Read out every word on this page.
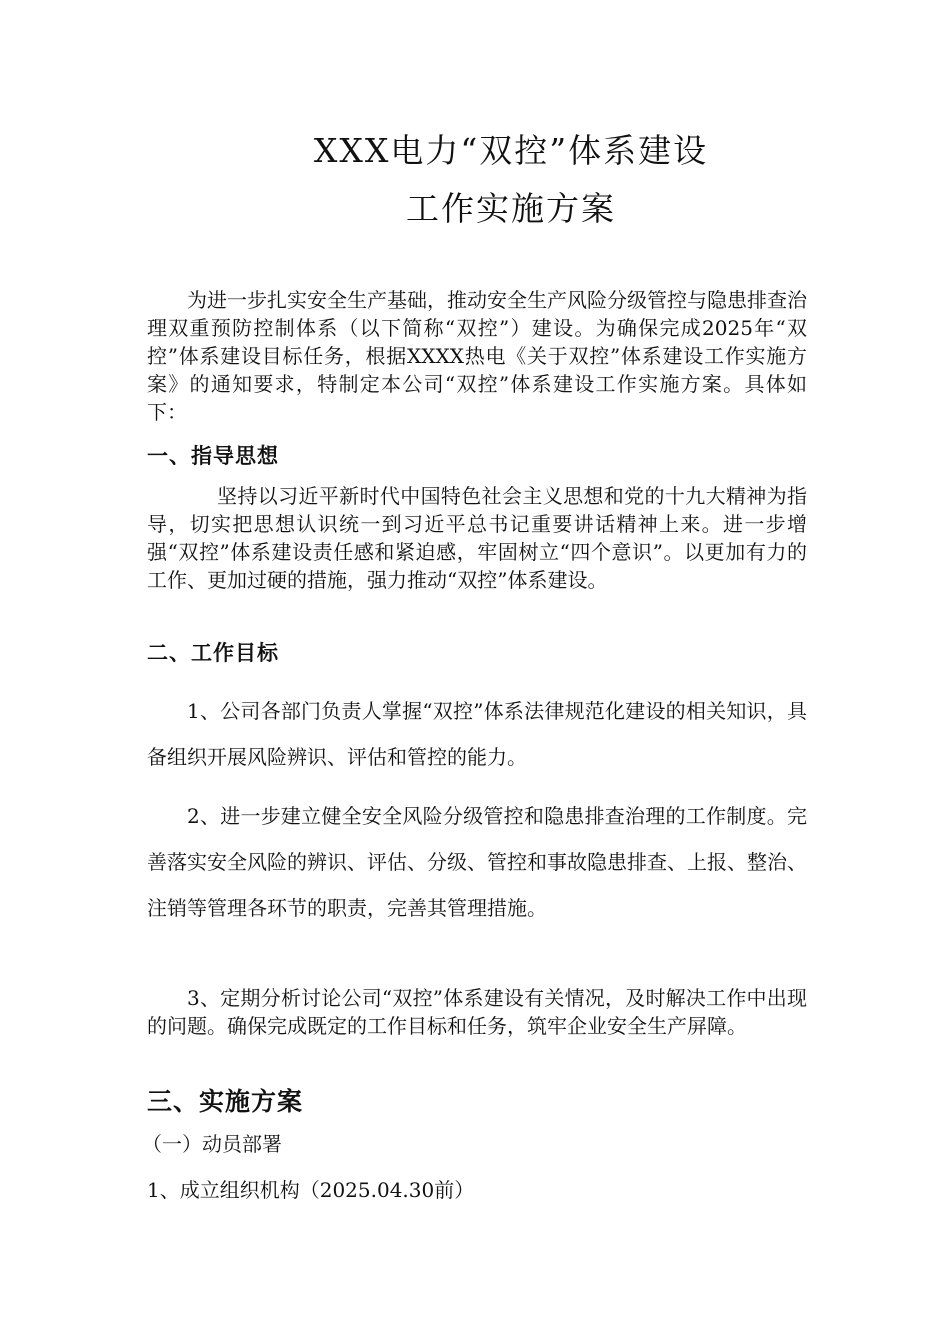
XXX电力“双控”体系建设
工作实施方案

为进一步扎实安全生产基础，推动安全生产风险分级管控与隐患排查治理双重预防控制体系（以下简称“双控”）建设。为确保完成2025年“双控”体系建设目标任务，根据XXXX热电《关于双控”体系建设工作实施方案》的通知要求，特制定本公司“双控”体系建设工作实施方案。具体如下：

一、指导思想

坚持以习近平新时代中国特色社会主义思想和党的十九大精神为指导，切实把思想认识统一到习近平总书记重要讲话精神上来。进一步增强“双控”体系建设责任感和紧迫感，牢固树立“四个意识”。以更加有力的工作、更加过硬的措施，强力推动“双控”体系建设。

二、工作目标

1、公司各部门负责人掌握“双控”体系法律规范化建设的相关知识，具备组织开展风险辨识、评估和管控的能力。

2、进一步建立健全安全风险分级管控和隐患排查治理的工作制度。完善落实安全风险的辨识、评估、分级、管控和事故隐患排查、上报、整治、注销等管理各环节的职责，完善其管理措施。

3、定期分析讨论公司“双控”体系建设有关情况，及时解决工作中出现的问题。确保完成既定的工作目标和任务，筑牢企业安全生产屏障。

三、实施方案

（一）动员部署

1、成立组织机构（2025.04.30前）
